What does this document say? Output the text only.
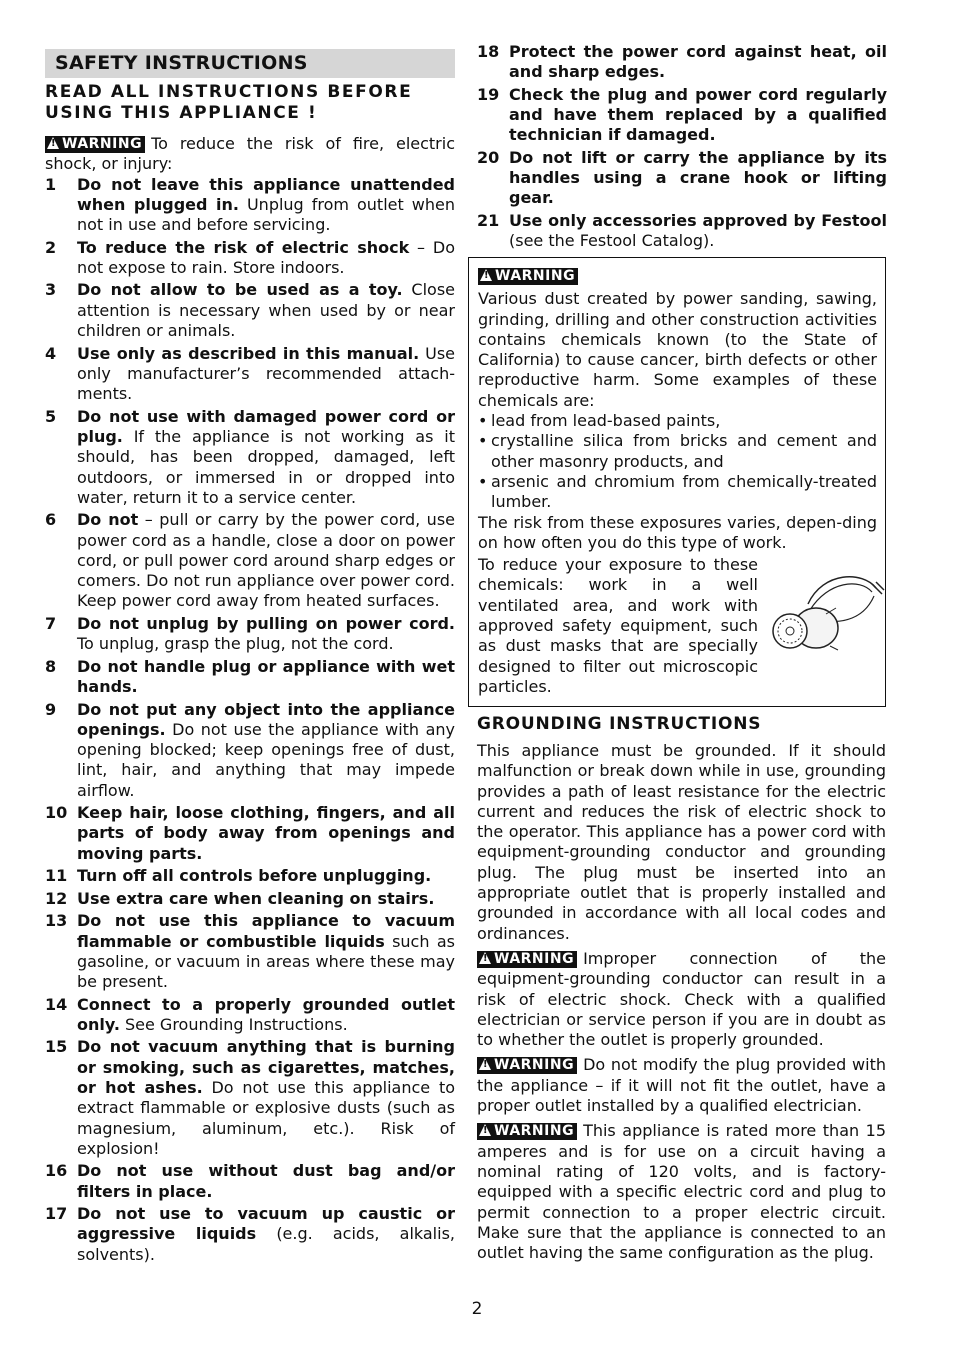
SAFETY INSTRUCTIONS
READ ALL INSTRUCTIONS BEFORE USING THIS APPLIANCE !

!WARNING To reduce the risk of fire, electric shock, or injury:

1 Do not leave this appliance unattended when plugged in. Unplug from outlet when not in use and before servicing.
2 To reduce the risk of electric shock – Do not expose to rain. Store indoors.
3 Do not allow to be used as a toy. Close attention is necessary when used by or near children or animals.
4 Use only as described in this manual. Use only manufacturer’s recommended attach-ments.
5 Do not use with damaged power cord or plug. If the appliance is not working as it should, has been dropped, damaged, left outdoors, or immersed in or dropped into water, return it to a service center.
6 Do not – pull or carry by the power cord, use power cord as a handle, close a door on power cord, or pull power cord around sharp edges or comers. Do not run appliance over power cord. Keep power cord away from heated surfaces.
7 Do not unplug by pulling on power cord. To unplug, grasp the plug, not the cord.
8 Do not handle plug or appliance with wet hands.
9 Do not put any object into the appliance openings. Do not use the appliance with any opening blocked; keep openings free of dust, lint, hair, and anything that may impede airflow.
10 Keep hair, loose clothing, fingers, and all parts of body away from openings and moving parts.
11 Turn off all controls before unplugging.
12 Use extra care when cleaning on stairs.
13 Do not use this appliance to vacuum flammable or combustible liquids such as gasoline, or vacuum in areas where these may be present.
14 Connect to a properly grounded outlet only. See Grounding Instructions.
15 Do not vacuum anything that is burning or smoking, such as cigarettes, matches, or hot ashes. Do not use this appliance to extract flammable or explosive dusts (such as magnesium, aluminum, etc.). Risk of explosion!
16 Do not use without dust bag and/or filters in place.
17 Do not use to vacuum up caustic or aggressive liquids (e.g. acids, alkalis, solvents).
18 Protect the power cord against heat, oil and sharp edges.
19 Check the plug and power cord regularly and have them replaced by a qualified technician if damaged.
20 Do not lift or carry the appliance by its handles using a crane hook or lifting gear.
21 Use only accessories approved by Festool (see the Festool Catalog).

!WARNING

Various dust created by power sanding, sawing, grinding, drilling and other construction activities contains chemicals known (to the State of California) to cause cancer, birth defects or other reproductive harm. Some examples of these chemicals are:

• lead from lead-based paints,
• crystalline silica from bricks and cement and other masonry products, and
• arsenic and chromium from chemically-treated lumber.

The risk from these exposures varies, depen-ding on how often you do this type of work.

To reduce your exposure to these chemicals: work in a well ventilated area, and work with approved safety equipment, such as dust masks that are specially designed to filter out microscopic particles.

GROUNDING INSTRUCTIONS

This appliance must be grounded. If it should malfunction or break down while in use, grounding provides a path of least resistance for the electric current and reduces the risk of electric shock to the operator. This appliance has a power cord with equipment-grounding conductor and grounding plug. The plug must be inserted into an appropriate outlet that is properly installed and grounded in accordance with all local codes and ordinances.

!WARNING Improper connection of the equipment-grounding conductor can result in a risk of electric shock. Check with a qualified electrician or service person if you are in doubt as to whether the outlet is properly grounded.

!WARNING Do not modify the plug provided with the appliance – if it will not fit the outlet, have a proper outlet installed by a qualified electrician.

!WARNING This appliance is rated more than 15 amperes and is for use on a circuit having a nominal rating of 120 volts, and is factory-equipped with a specific electric cord and plug to permit connection to a proper electric circuit. Make sure that the appliance is connected to an outlet having the same configuration as the plug.

2
